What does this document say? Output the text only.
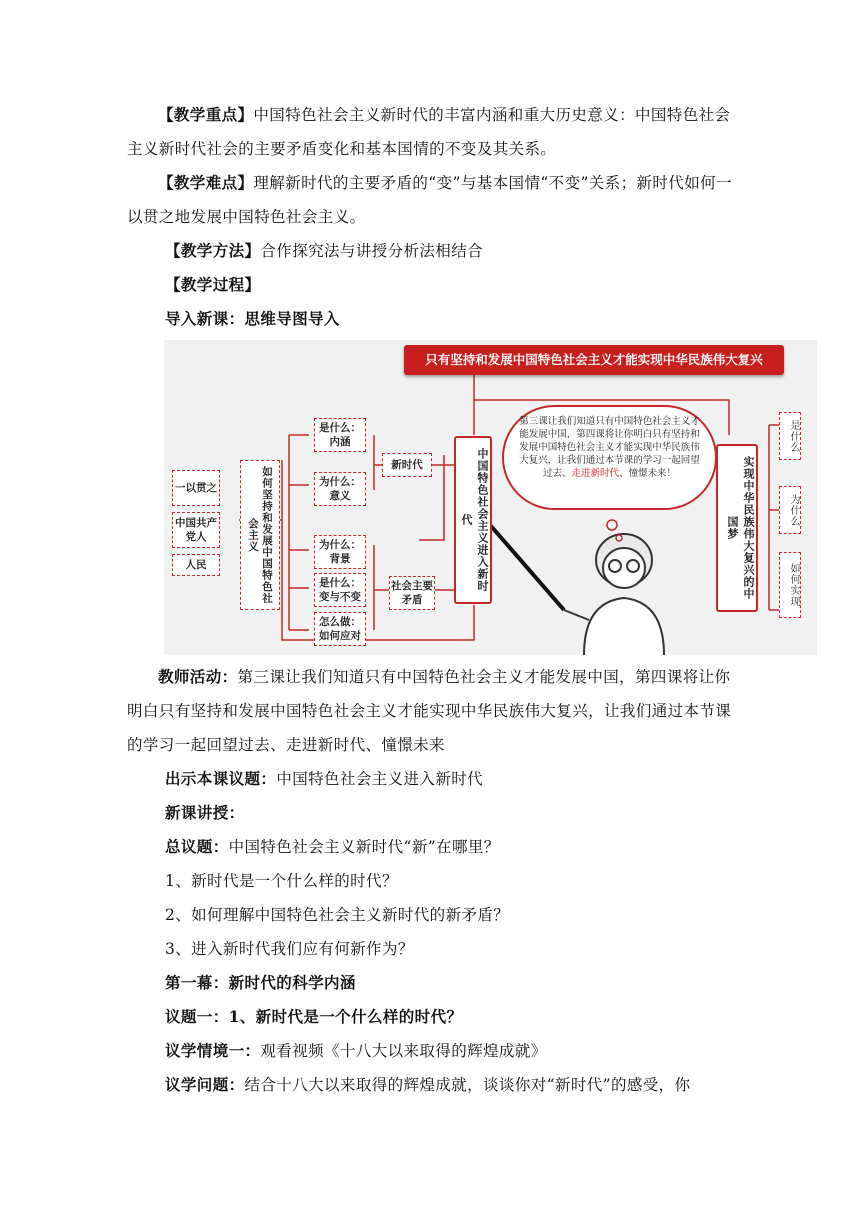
【教学重点】中国特色社会主义新时代的丰富内涵和重大历史意义：中国特色社会主义新时代社会的主要矛盾变化和基本国情的不变及其关系。

【教学难点】理解新时代的主要矛盾的“变”与基本国情“不变”关系；新时代如何一以贯之地发展中国特色社会主义。

【教学方法】合作探究法与讲授分析法相结合
【教学过程】
导入新课：思维导图导入
只有坚持和发展中国特色社会主义才能实现中华民族伟大复兴
一以贯之
中国共产党人
人民	如何坚持和发展中国特色社会主义
是什么：内涵
为什么：意义
为什么：背景
是什么：变与不变
怎么做：如何应对
新时代
社会主要矛盾
中国特色社会主义进入新时代	实现中华民族伟大复兴的中国梦
第三课让我们知道只有中国特色社会主义才能发展中国，第四课将让你明白只有坚持和发展中国特色社会主义才能实现中华民族伟大复兴，让我们通过本节课的学习一起回望过去、走进新时代、憧憬未来！
是什么
为什么
如何实现

教师活动：第三课让我们知道只有中国特色社会主义才能发展中国，第四课将让你明白只有坚持和发展中国特色社会主义才能实现中华民族伟大复兴，让我们通过本节课的学习一起回望过去、走进新时代、憧憬未来

出示本课议题：中国特色社会主义进入新时代
新课讲授：
总议题：中国特色社会主义新时代“新”在哪里？
1、新时代是一个什么样的时代？
2、如何理解中国特色社会主义新时代的新矛盾？
3、进入新时代我们应有何新作为？
第一幕：新时代的科学内涵
议题一：1、新时代是一个什么样的时代？
议学情境一：观看视频《十八大以来取得的辉煌成就》
议学问题：结合十八大以来取得的辉煌成就，谈谈你对“新时代”的感受，你
